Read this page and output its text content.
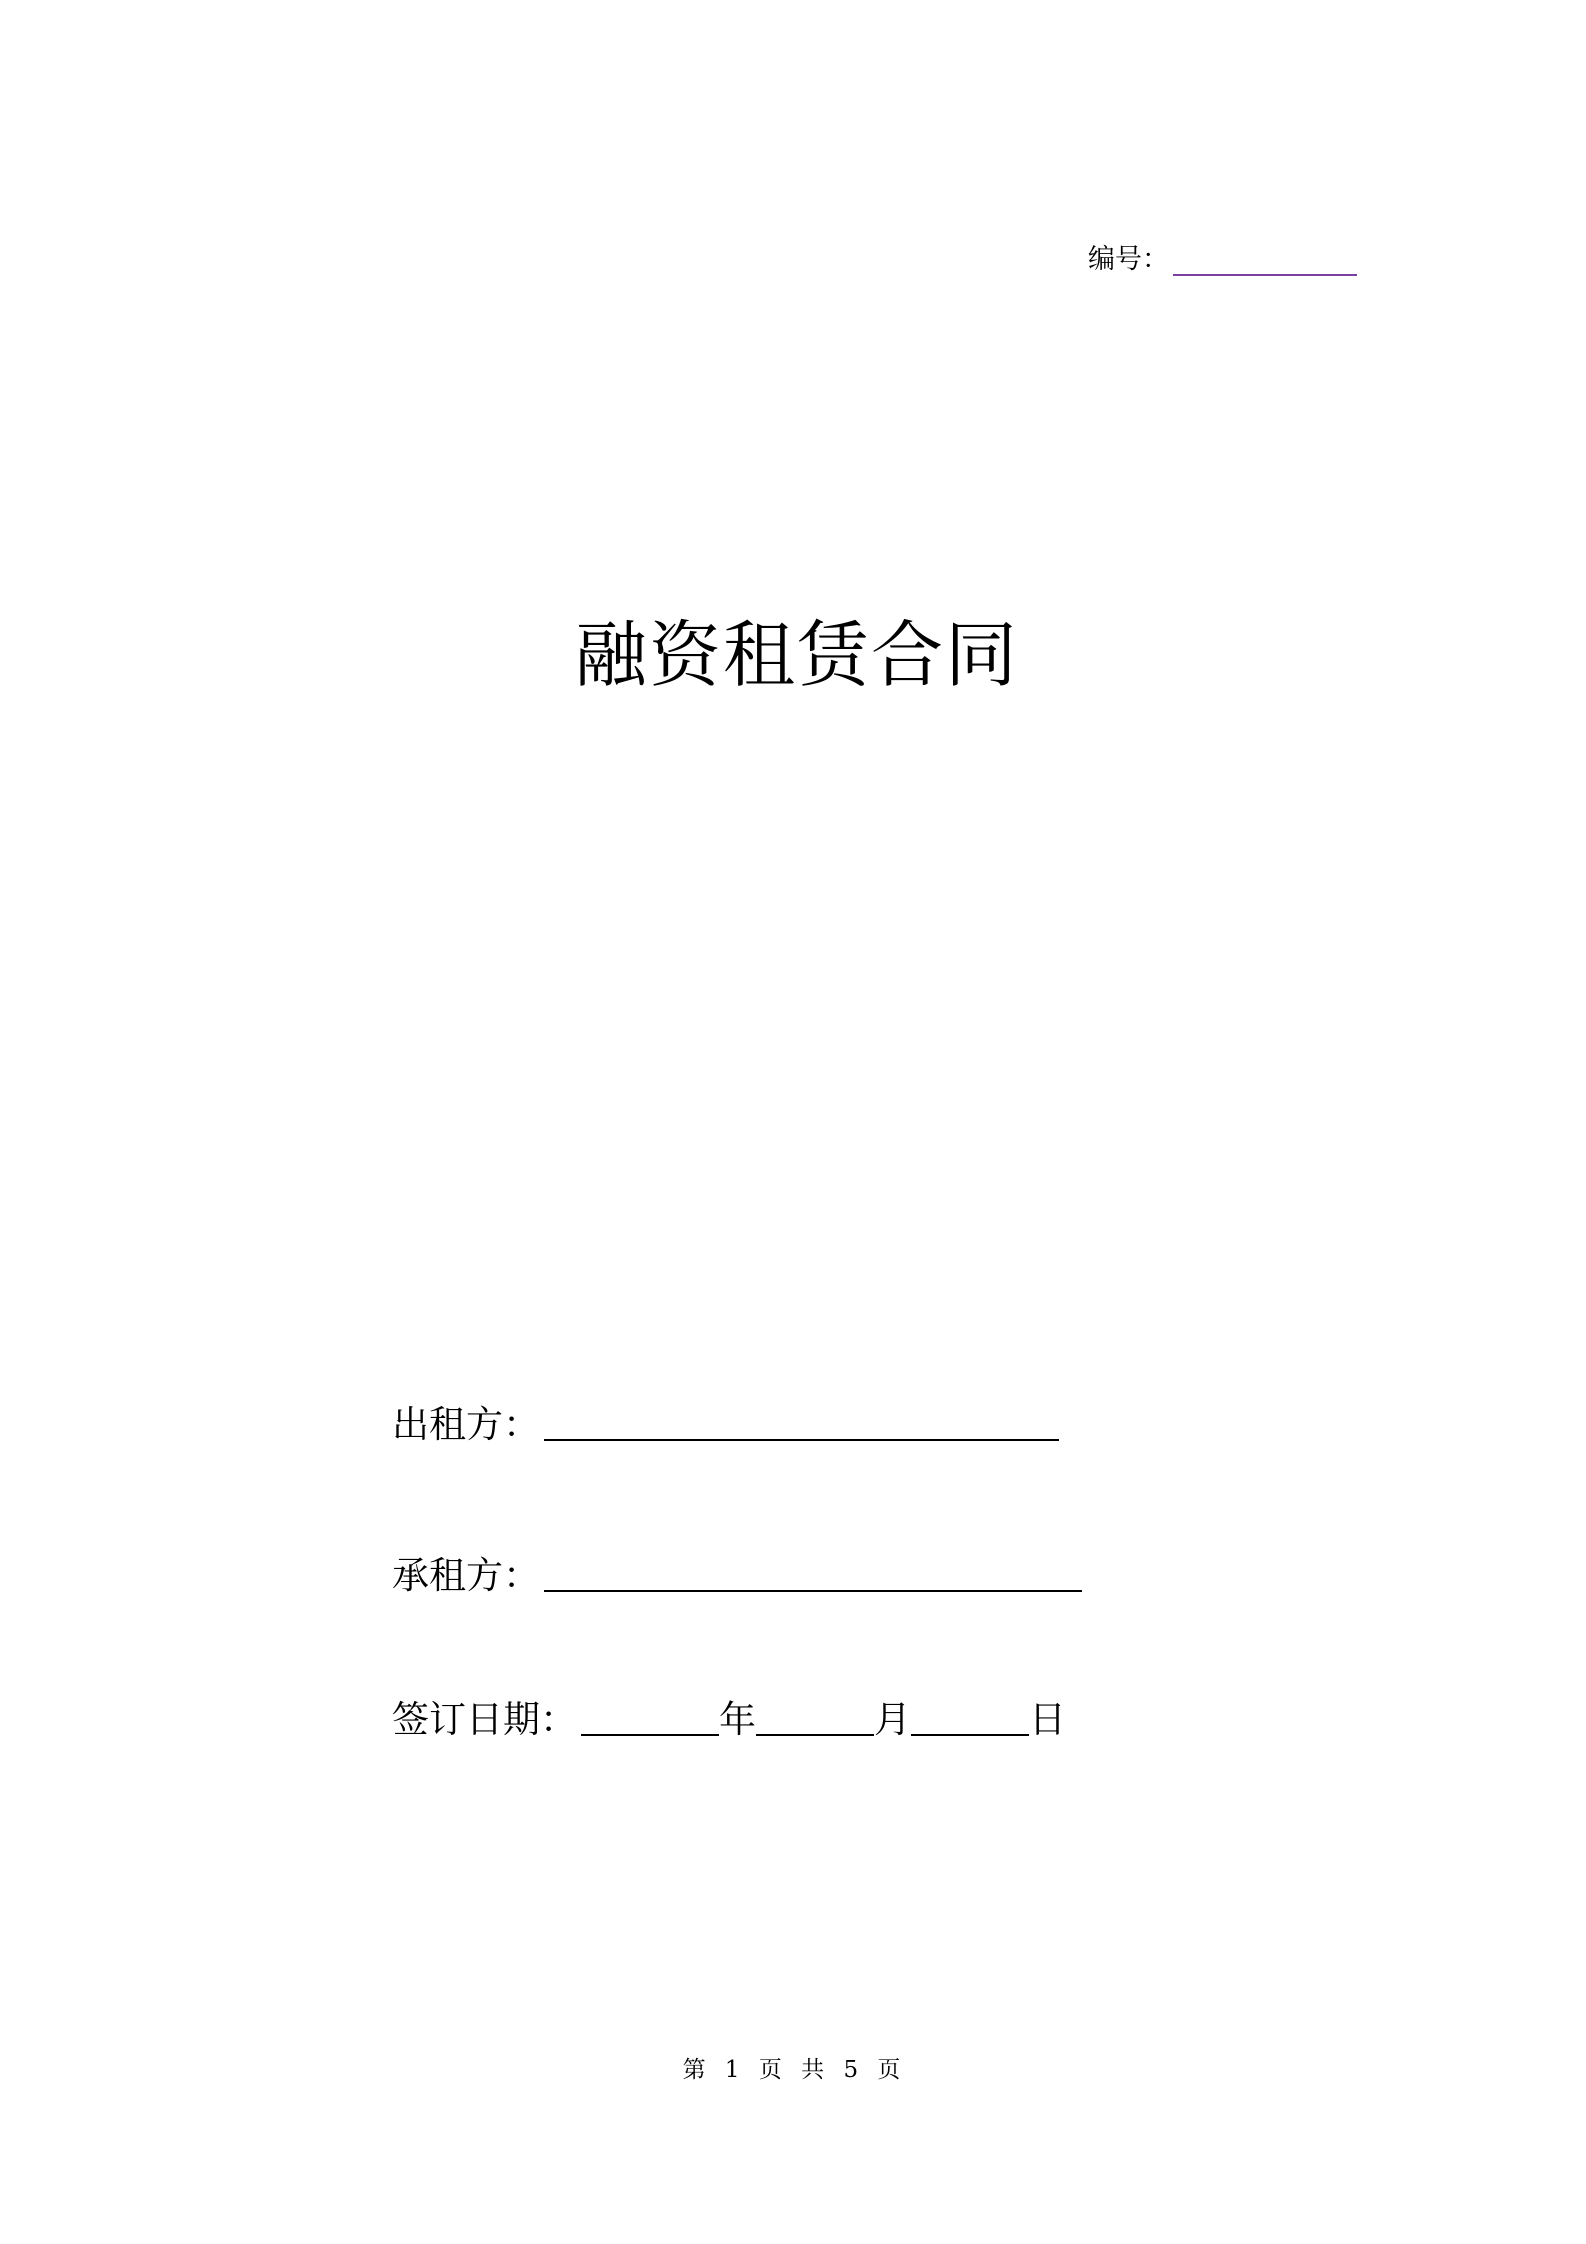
编号：
融资租赁合同
出租方：
承租方：
签订日期：	年	月	日
第 1 页 共 5 页
